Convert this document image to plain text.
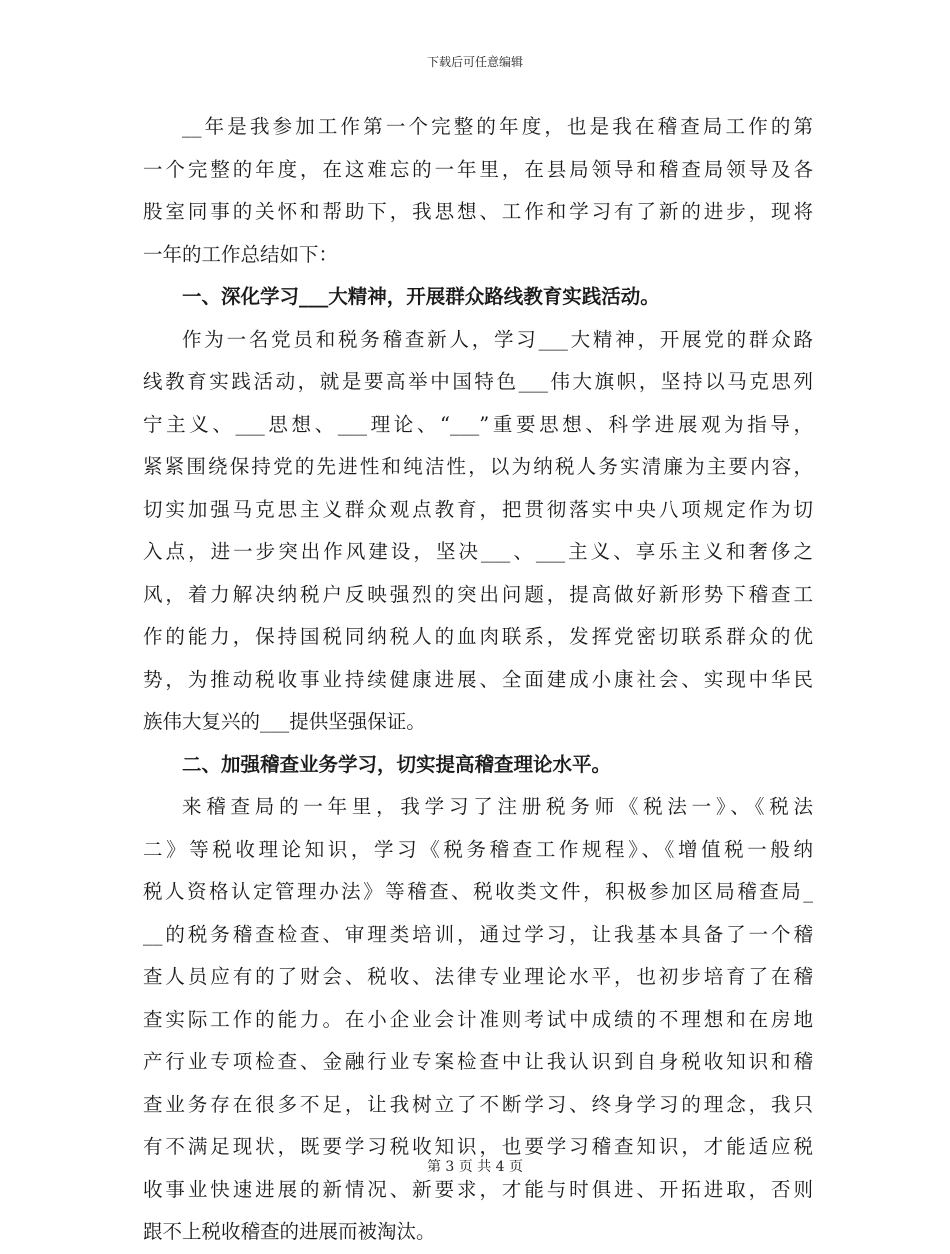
下载后可任意编辑
__年是我参加工作第一个完整的年度，也是我在稽查局工作的第
一个完整的年度，在这难忘的一年里，在县局领导和稽查局领导及各
股室同事的关怀和帮助下，我思想、工作和学习有了新的进步，现将
一年的工作总结如下：
一、深化学习___大精神，开展群众路线教育实践活动。
作为一名党员和税务稽查新人，学习___大精神，开展党的群众路
线教育实践活动，就是要高举中国特色___伟大旗帜，坚持以马克思列
宁主义、___思想、___理论、“___”重要思想、科学进展观为指导，
紧紧围绕保持党的先进性和纯洁性，以为纳税人务实清廉为主要内容，
切实加强马克思主义群众观点教育，把贯彻落实中央八项规定作为切
入点，进一步突出作风建设，坚决___、___主义、享乐主义和奢侈之
风，着力解决纳税户反映强烈的突出问题，提高做好新形势下稽查工
作的能力，保持国税同纳税人的血肉联系，发挥党密切联系群众的优
势，为推动税收事业持续健康进展、全面建成小康社会、实现中华民
族伟大复兴的___提供坚强保证。
二、加强稽查业务学习，切实提高稽查理论水平。
来稽查局的一年里，我学习了注册税务师《税法一》、《税法
二》等税收理论知识，学习《税务稽查工作规程》、《增值税一般纳
税人资格认定管理办法》等稽查、税收类文件，积极参加区局稽查局_
__的税务稽查检查、审理类培训，通过学习，让我基本具备了一个稽
查人员应有的了财会、税收、法律专业理论水平，也初步培育了在稽
查实际工作的能力。在小企业会计准则考试中成绩的不理想和在房地
产行业专项检查、金融行业专案检查中让我认识到自身税收知识和稽
查业务存在很多不足，让我树立了不断学习、终身学习的理念，我只
有不满足现状，既要学习税收知识，也要学习稽查知识，才能适应税
收事业快速进展的新情况、新要求，才能与时俱进、开拓进取，否则
跟不上税收稽查的进展而被淘汰。
第 3 页 共 4 页
